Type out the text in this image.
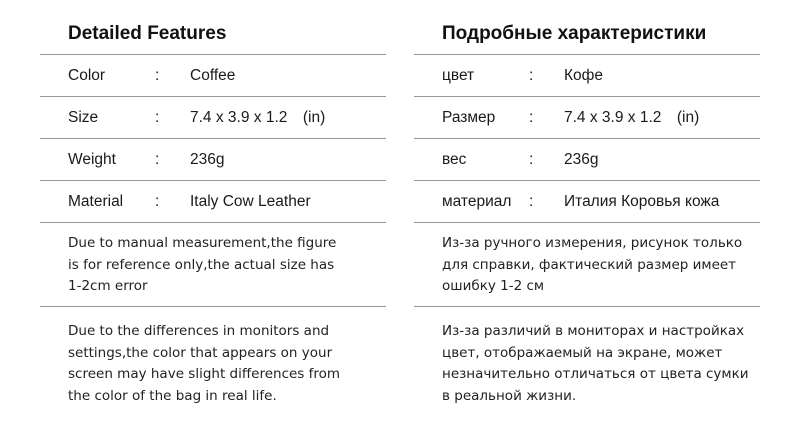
Detailed Features
Color	: Coffee
Size	: 7.4 x 3.9 x 1.2　(in)
Weight	: 236g
Material : Italy Cow Leather
Due to manual measurement,the figure
is for reference only,the actual size has
1-2cm error
Due to the differences in monitors and
settings,the color that appears on your
screen may have slight differences from
the color of the bag in real life.
Подробные характеристики
цвет	: Кофе
Размер : 7.4 x 3.9 x 1.2　(in)
вес	: 236g
материал : Италия Коровья кожа
Из-за ручного измерения, рисунок только
для справки, фактический размер имеет
ошибку 1-2 см
Из-за различий в мониторах и настройках
цвет, отображаемый на экране, может
незначительно отличаться от цвета сумки
в реальной жизни.
